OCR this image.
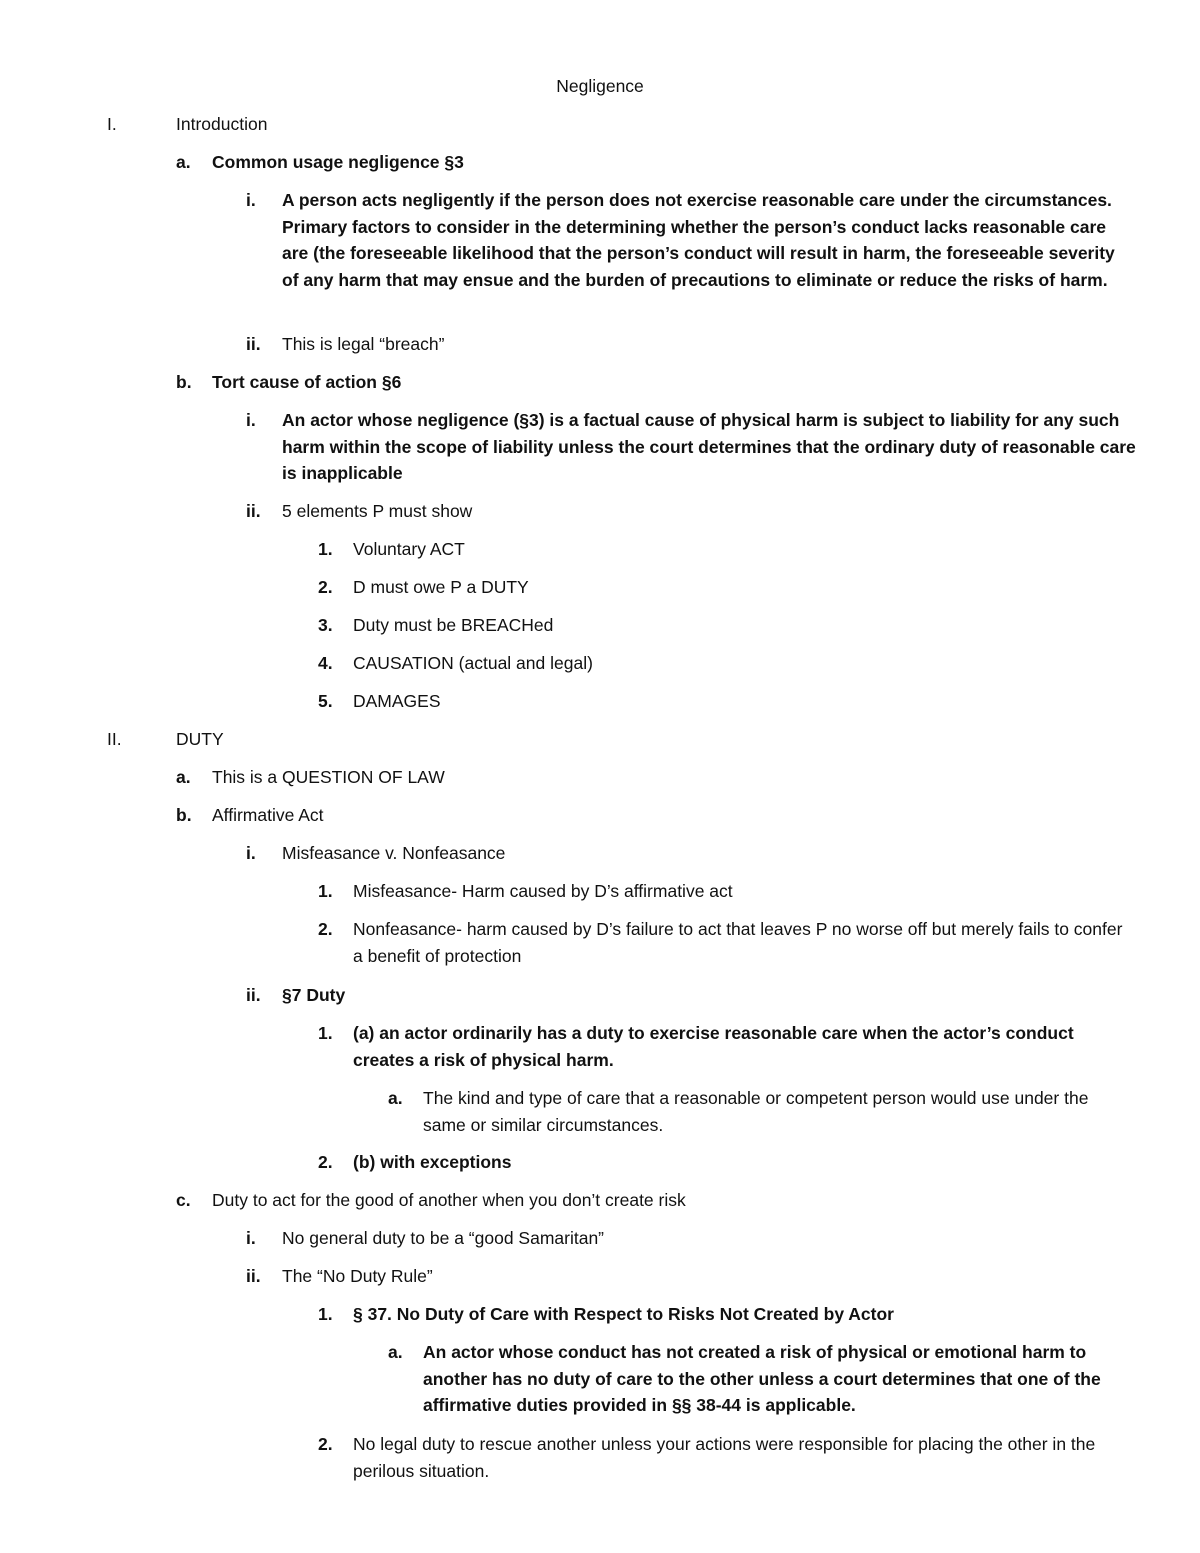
Negligence
I.	Introduction
a. Common usage negligence §3
i. A person acts negligently if the person does not exercise reasonable care under the circumstances. Primary factors to consider in the determining whether the person’s conduct lacks reasonable care are (the foreseeable likelihood that the person’s conduct will result in harm, the foreseeable severity of any harm that may ensue and the burden of precautions to eliminate or reduce the risks of harm.
ii. This is legal “breach”
b. Tort cause of action §6
i. An actor whose negligence (§3) is a factual cause of physical harm is subject to liability for any such harm within the scope of liability unless the court determines that the ordinary duty of reasonable care is inapplicable
ii. 5 elements P must show
1. Voluntary ACT
2. D must owe P a DUTY
3. Duty must be BREACHed
4. CAUSATION (actual and legal)
5. DAMAGES
II.	DUTY
a. This is a QUESTION OF LAW
b. Affirmative Act
i. Misfeasance v. Nonfeasance
1. Misfeasance- Harm caused by D’s affirmative act
2. Nonfeasance- harm caused by D’s failure to act that leaves P no worse off but merely fails to confer a benefit of protection
ii. §7 Duty
1. (a) an actor ordinarily has a duty to exercise reasonable care when the actor’s conduct creates a risk of physical harm.
a. The kind and type of care that a reasonable or competent person would use under the same or similar circumstances.
2. (b) with exceptions
c. Duty to act for the good of another when you don’t create risk
i. No general duty to be a “good Samaritan”
ii. The “No Duty Rule”
1. § 37. No Duty of Care with Respect to Risks Not Created by Actor
a. An actor whose conduct has not created a risk of physical or emotional harm to another has no duty of care to the other unless a court determines that one of the affirmative duties provided in §§ 38-44 is applicable.
2. No legal duty to rescue another unless your actions were responsible for placing the other in the perilous situation.
